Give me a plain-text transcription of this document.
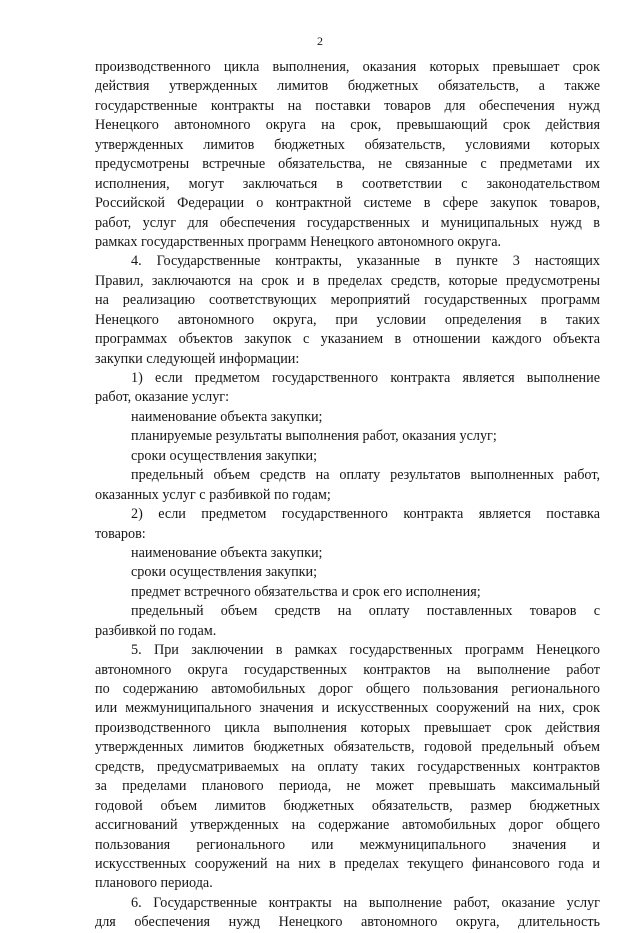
2
производственного цикла выполнения, оказания которых превышает срок
действия утвержденных лимитов бюджетных обязательств, а также
государственные контракты на поставки товаров для обеспечения нужд
Ненецкого автономного округа на срок, превышающий срок действия
утвержденных лимитов бюджетных обязательств, условиями которых
предусмотрены встречные обязательства, не связанные с предметами их
исполнения, могут заключаться в соответствии с законодательством
Российской Федерации о контрактной системе в сфере закупок товаров,
работ, услуг для обеспечения государственных и муниципальных нужд в
рамках государственных программ Ненецкого автономного округа.
4. Государственные контракты, указанные в пункте 3 настоящих
Правил, заключаются на срок и в пределах средств, которые предусмотрены
на реализацию соответствующих мероприятий государственных программ
Ненецкого автономного округа, при условии определения в таких
программах объектов закупок с указанием в отношении каждого объекта
закупки следующей информации:
1) если предметом государственного контракта является выполнение
работ, оказание услуг:
наименование объекта закупки;
планируемые результаты выполнения работ, оказания услуг;
сроки осуществления закупки;
предельный объем средств на оплату результатов выполненных работ,
оказанных услуг с разбивкой по годам;
2) если предметом государственного контракта является поставка
товаров:
наименование объекта закупки;
сроки осуществления закупки;
предмет встречного обязательства и срок его исполнения;
предельный объем средств на оплату поставленных товаров с
разбивкой по годам.
5. При заключении в рамках государственных программ Ненецкого
автономного округа государственных контрактов на выполнение работ
по содержанию автомобильных дорог общего пользования регионального
или межмуниципального значения и искусственных сооружений на них, срок
производственного цикла выполнения которых превышает срок действия
утвержденных лимитов бюджетных обязательств, годовой предельный объем
средств, предусматриваемых на оплату таких государственных контрактов
за пределами планового периода, не может превышать максимальный
годовой объем лимитов бюджетных обязательств, размер бюджетных
ассигнований утвержденных на содержание автомобильных дорог общего
пользования регионального или межмуниципального значения и
искусственных сооружений на них в пределах текущего финансового года и
планового периода.
6. Государственные контракты на выполнение работ, оказание услуг
для обеспечения нужд Ненецкого автономного округа, длительность
